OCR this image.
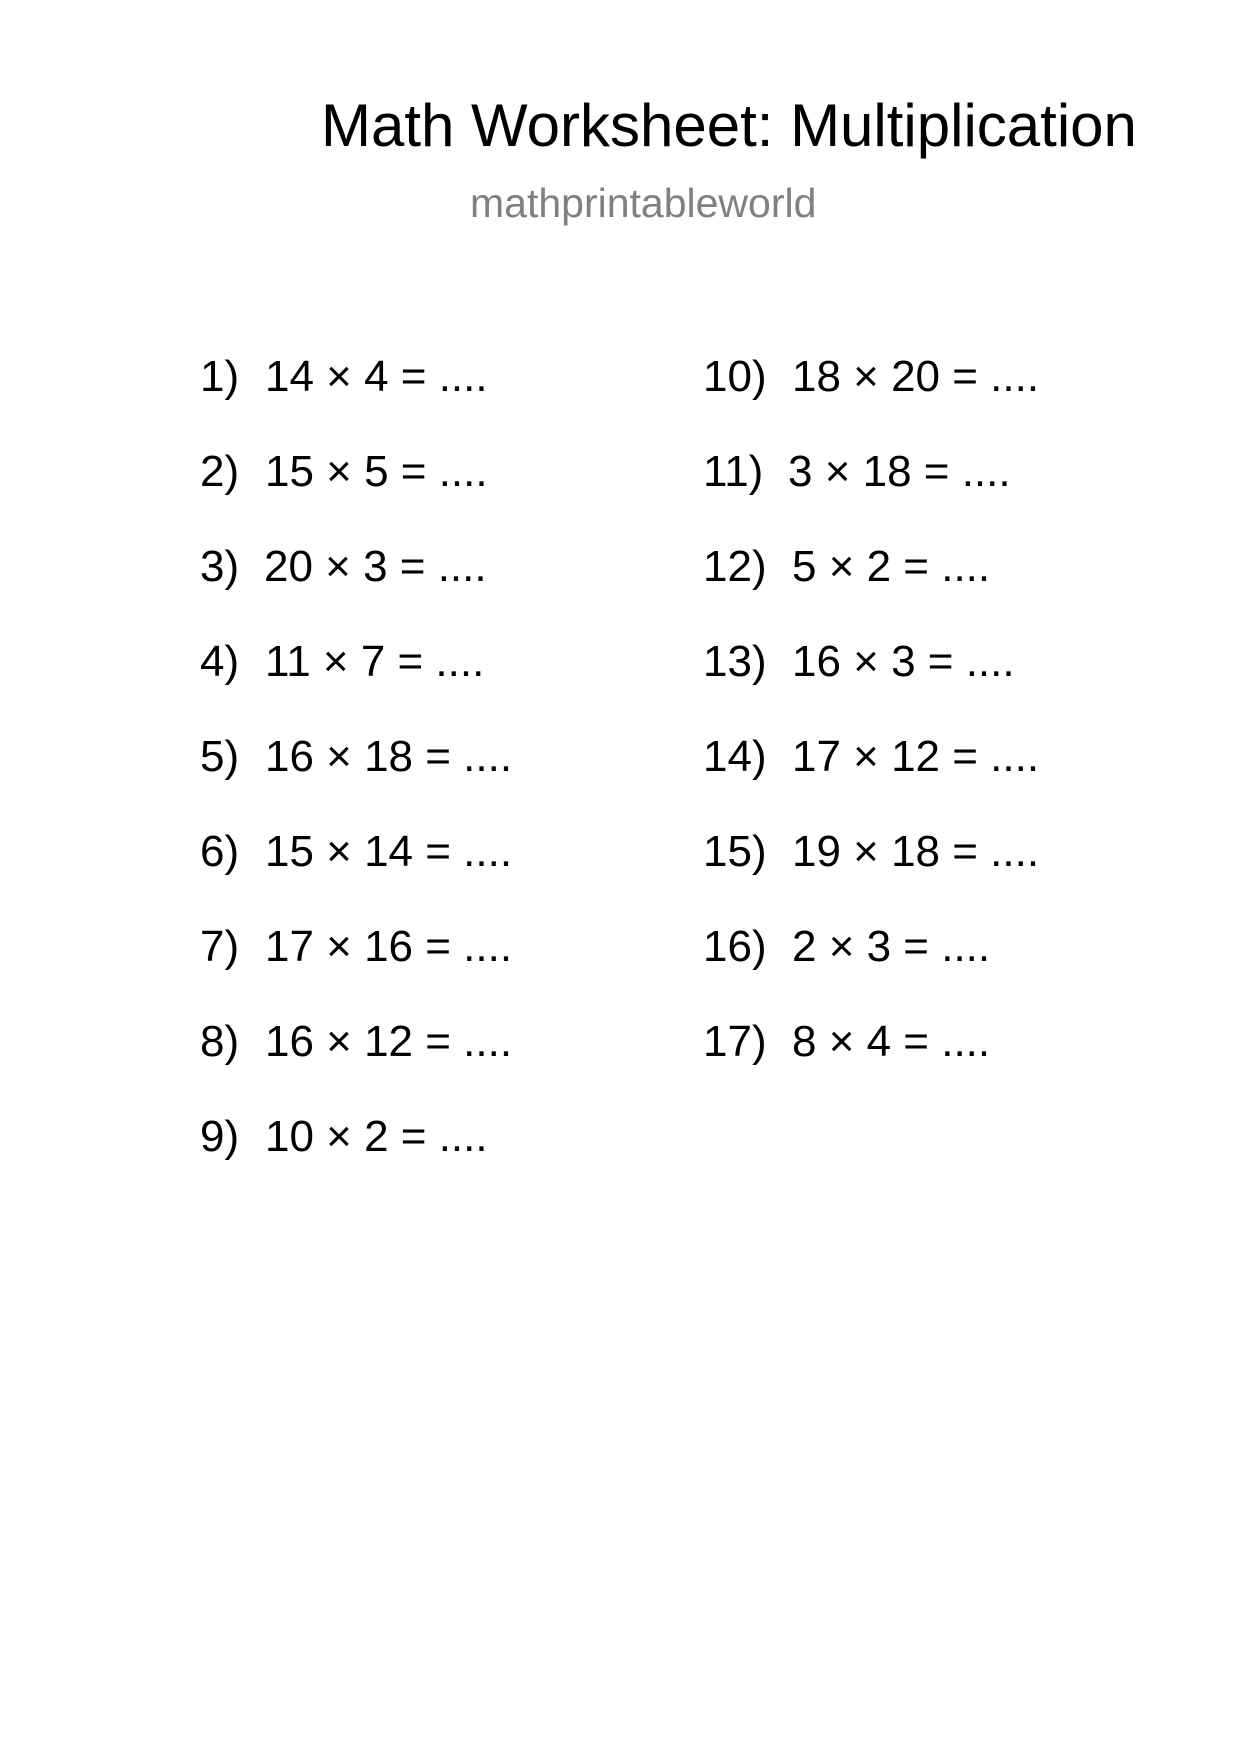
Math Worksheet: Multiplication
mathprintableworld
1) 14 × 4 = ....
2) 15 × 5 = ....
3) 20 × 3 = ....
4) 11 × 7 = ....
5) 16 × 18 = ....
6) 15 × 14 = ....
7) 17 × 16 = ....
8) 16 × 12 = ....
9) 10 × 2 = ....
10) 18 × 20 = ....
11) 3 × 18 = ....
12) 5 × 2 = ....
13) 16 × 3 = ....
14) 17 × 12 = ....
15) 19 × 18 = ....
16) 2 × 3 = ....
17) 8 × 4 = ....
